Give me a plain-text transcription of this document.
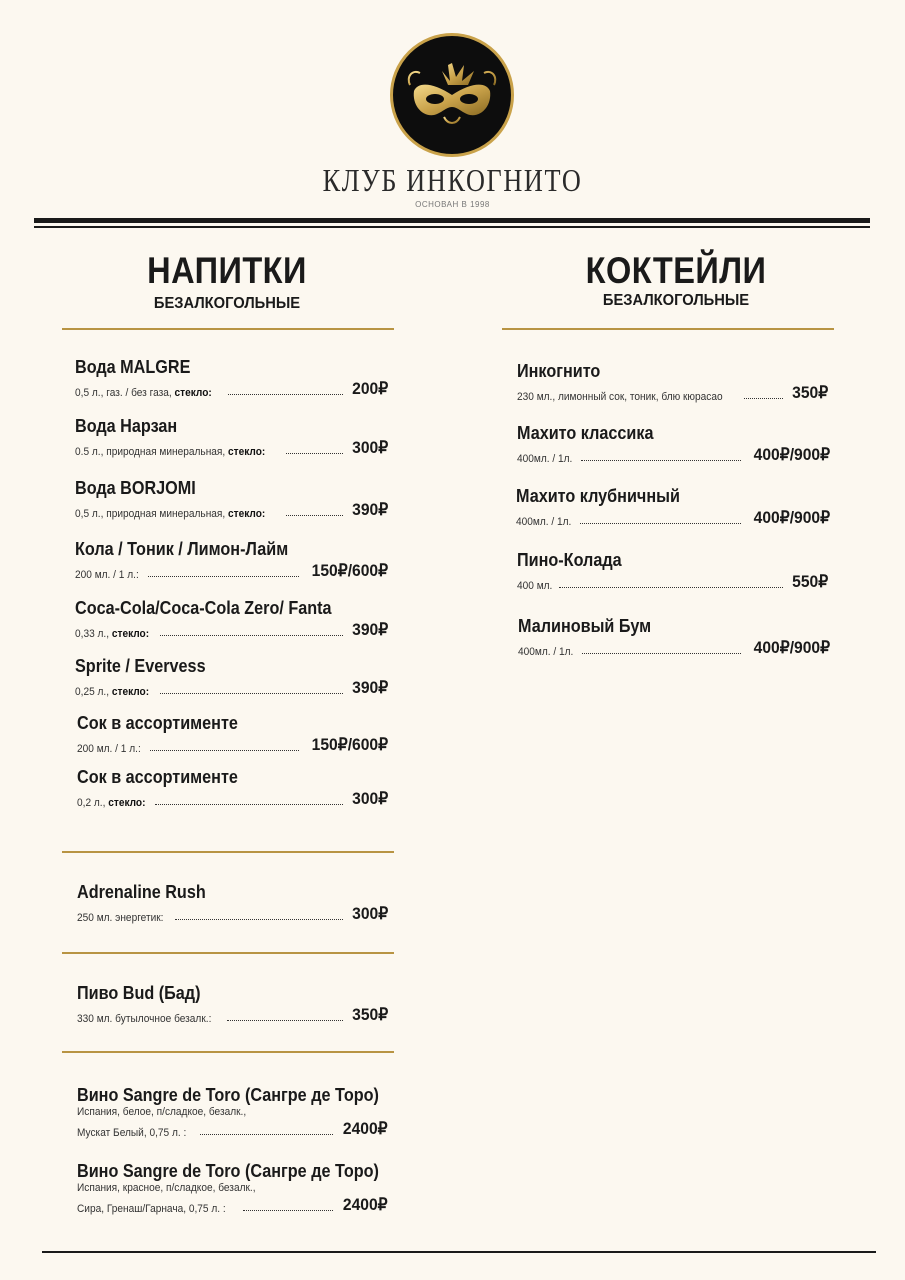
КЛУБ ИНКОГНИТО
ОСНОВАН В 1998
НАПИТКИ
БЕЗАЛКОГОЛЬНЫЕ
Вода MALGRE
0,5 л., газ. / без газа, стекло:	200₽
Вода Нарзан
0.5 л., природная минеральная, стекло:	300₽
Вода BORJOMI
0,5 л., природная минеральная, стекло:	390₽
Кола / Тоник / Лимон-Лайм
200 мл. / 1 л.:	150₽/600₽
Coca-Cola/Coca-Cola Zero/ Fanta
0,33 л., стекло:	390₽
Sprite / Evervess
0,25 л., стекло:	390₽
Сок в ассортименте
200 мл. / 1 л.:	150₽/600₽
Сок в ассортименте
0,2 л., стекло:	300₽
Adrenaline Rush
250 мл. энергетик:	300₽
Пиво Bud (Бад)
330 мл. бутылочное безалк.:	350₽
Вино Sangre de Toro (Сангре де Торо)
Испания, белое, п/сладкое, безалк.,
Мускат Белый, 0,75 л. :	2400₽
Вино Sangre de Toro (Сангре де Торо)
Испания, красное, п/сладкое, безалк.,
Сира, Гренаш/Гарнача, 0,75 л. :	2400₽
КОКТЕЙЛИ
БЕЗАЛКОГОЛЬНЫЕ
Инкогнито
230 мл., лимонный сок, тоник, блю кюрасао	350₽
Махито классика
400мл. / 1л.	400₽/900₽
Махито клубничный
400мл. / 1л.	400₽/900₽
Пино-Колада
400 мл.	550₽
Малиновый Бум
400мл. / 1л.	400₽/900₽
